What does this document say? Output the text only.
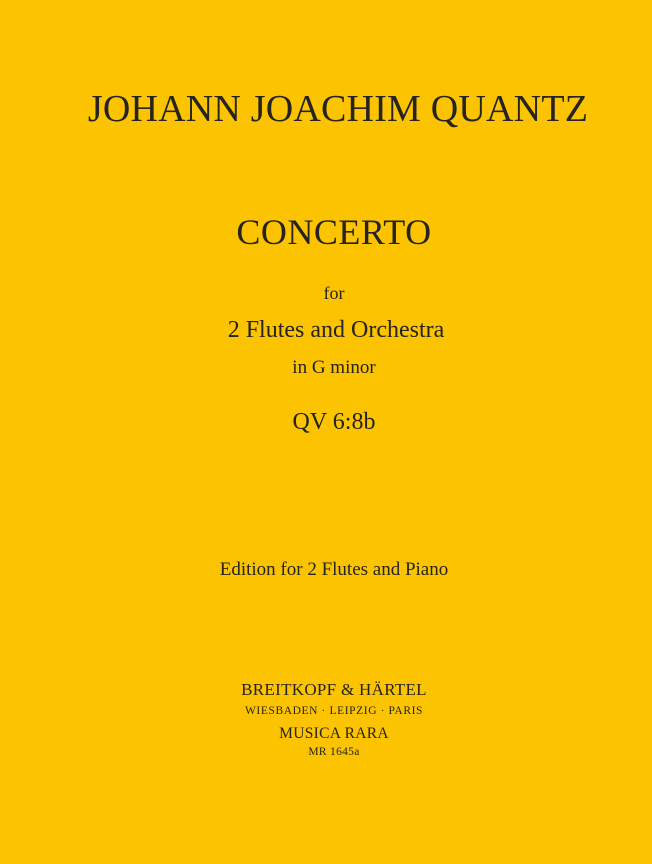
JOHANN JOACHIM QUANTZ
CONCERTO
for
2 Flutes and Orchestra
in G minor
QV 6:8b
Edition for 2 Flutes and Piano
BREITKOPF & HÄRTEL
WIESBADEN · LEIPZIG · PARIS
MUSICA RARA
MR 1645a
